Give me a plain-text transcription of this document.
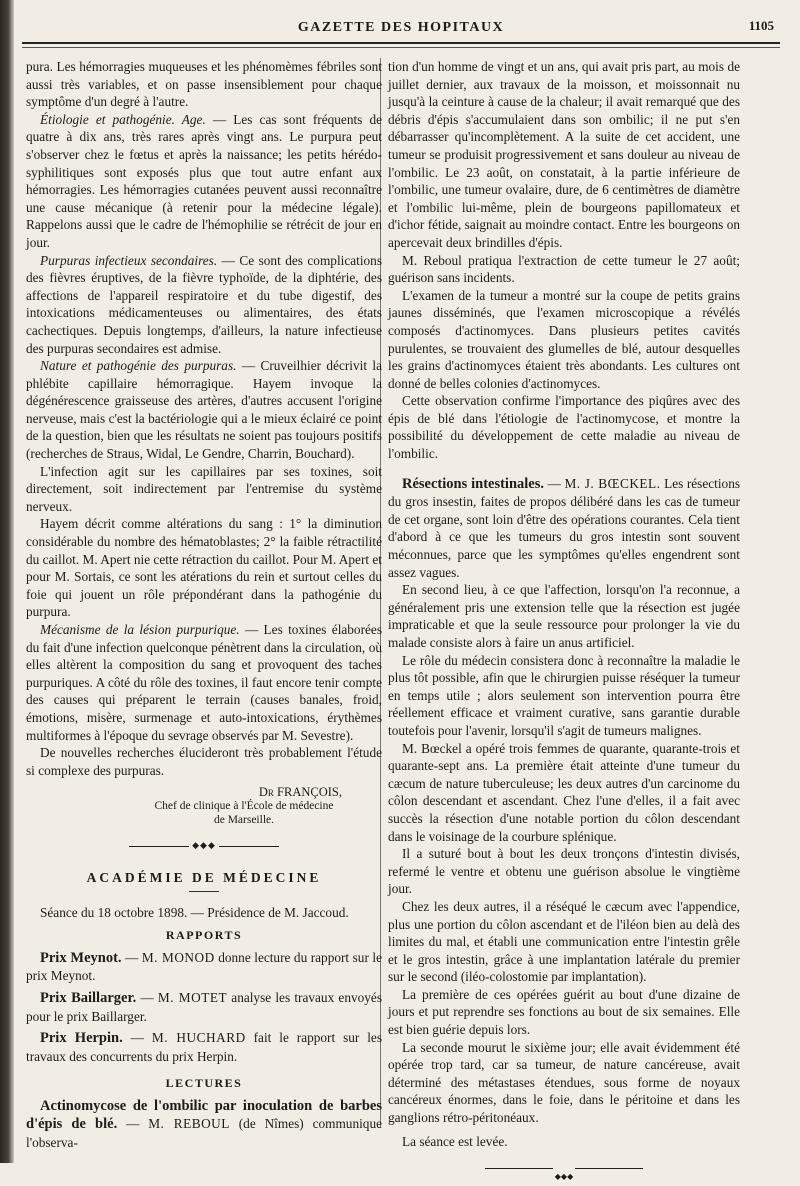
GAZETTE DES HOPITAUX	1105

pura. Les hémorragies muqueuses et les phénomèmes fébriles sont aussi très variables, et on passe insensiblement pour chaque symptôme d'un degré à l'autre.

Étiologie et pathogénie. Age. — Les cas sont fréquents de quatre à dix ans, très rares après vingt ans. Le purpura peut s'observer chez le fœtus et après la naissance; les petits hérédo-syphilitiques sont exposés plus que tout autre enfant aux hémorragies. Les hémorragies cutanées peuvent aussi reconnaître une cause mécanique (à retenir pour la médecine légale). Rappelons aussi que le cadre de l'hémophilie se rétrécit de jour en jour.

Purpuras infectieux secondaires. — Ce sont des complications des fièvres éruptives, de la fièvre typhoïde, de la diphtérie, des affections de l'appareil respiratoire et du tube digestif, des intoxications médicamenteuses ou alimentaires, des états cachectiques. Depuis longtemps, d'ailleurs, la nature infectieuse des purpuras secondaires est admise.

Nature et pathogénie des purpuras. — Cruveilhier décrivit la phlébite capillaire hémorragique. Hayem invoque la dégénérescence graisseuse des artères, d'autres accusent l'origine nerveuse, mais c'est la bactériologie qui a le mieux éclairé ce point de la question, bien que les résultats ne soient pas toujours positifs (recherches de Straus, Widal, Le Gendre, Charrin, Bouchard).

L'infection agit sur les capillaires par ses toxines, soit directement, soit indirectement par l'entremise du système nerveux.

Hayem décrit comme altérations du sang : 1° la diminution considérable du nombre des hématoblastes; 2° la faible rétractilité du caillot. M. Apert nie cette rétraction du caillot. Pour M. Apert et pour M. Sortais, ce sont les atérations du rein et surtout celles du foie qui jouent un rôle prépondérant dans la pathogénie du purpura.

Mécanisme de la lésion purpurique. — Les toxines élaborées du fait d'une infection quelconque pénètrent dans la circulation, où elles altèrent la composition du sang et provoquent des taches purpuriques. A côté du rôle des toxines, il faut encore tenir compte des causes qui préparent le terrain (causes banales, froid, émotions, misère, surmenage et auto-intoxications, érythèmes multiformes à l'époque du sevrage observés par M. Sevestre).

De nouvelles recherches élucideront très probablement l'étude si complexe des purpuras.

Dr FRANÇOIS,
Chef de clinique à l'École de médecine
de Marseille.
◆◆◆
ACADÉMIE DE MÉDECINE

Séance du 18 octobre 1898. — Présidence de M. Jaccoud.

RAPPORTS

Prix Meynot. — M. MONOD donne lecture du rapport sur le prix Meynot.

Prix Baillarger. — M. MOTET analyse les travaux envoyés pour le prix Baillarger.

Prix Herpin. — M. HUCHARD fait le rapport sur les travaux des concurrents du prix Herpin.

LECTURES

Actinomycose de l'ombilic par inoculation de barbes d'épis de blé. — M. REBOUL (de Nîmes) communique l'observa-

tion d'un homme de vingt et un ans, qui avait pris part, au mois de juillet dernier, aux travaux de la moisson, et moissonnait nu jusqu'à la ceinture à cause de la chaleur; il avait remarqué que des débris d'épis s'accumulaient dans son ombilic; il ne put s'en débarrasser qu'incomplètement. A la suite de cet accident, une tumeur se produisit progressivement et sans douleur au niveau de l'ombilic. Le 23 août, on constatait, à la partie inférieure de l'ombilic, une tumeur ovalaire, dure, de 6 centimètres de diamètre et l'ombilic lui-même, plein de bourgeons papillomateux et d'ichor fétide, saignait au moindre contact. Entre les bourgeons on apercevait deux brindilles d'épis.

M. Reboul pratiqua l'extraction de cette tumeur le 27 août; guérison sans incidents.

L'examen de la tumeur a montré sur la coupe de petits grains jaunes disséminés, que l'examen microscopique a révélés composés d'actinomyces. Dans plusieurs petites cavités purulentes, se trouvaient des glumelles de blé, autour desquelles les grains d'actinomyces étaient très abondants. Les cultures ont donné de belles colonies d'actinomyces.

Cette observation confirme l'importance des piqûres avec des épis de blé dans l'étiologie de l'actinomycose, et montre la possibilité du développement de cette maladie au niveau de l'ombilic.

Résections intestinales. — M. J. BŒCKEL. Les résections du gros insestin, faites de propos délibéré dans les cas de tumeur de cet organe, sont loin d'être des opérations courantes. Cela tient d'abord à ce que les tumeurs du gros intestin sont souvent méconnues, parce que les symptômes qu'elles engendrent sont assez vagues.

En second lieu, à ce que l'affection, lorsqu'on l'a reconnue, a généralement pris une extension telle que la résection est jugée impraticable et que la seule ressource pour prolonger la vie du malade consiste alors à faire un anus artificiel.

Le rôle du médecin consistera donc à reconnaître la maladie le plus tôt possible, afin que le chirurgien puisse réséquer la tumeur en temps utile ; alors seulement son intervention pourra être réellement efficace et vraiment curative, sans garantie durable toutefois pour l'avenir, lorsqu'il s'agit de tumeurs malignes.

M. Bœckel a opéré trois femmes de quarante, quarante-trois et quarante-sept ans. La première était atteinte d'une tumeur du cæcum de nature tuberculeuse; les deux autres d'un carcinome du côlon descendant et ascendant. Chez l'une d'elles, il a fait avec succès la résection d'une notable portion du côlon descendant dans le voisinage de la courbure splénique.

Il a suturé bout à bout les deux tronçons d'intestin divisés, refermé le ventre et obtenu une guérison absolue le vingtième jour.

Chez les deux autres, il a réséqué le cæcum avec l'appendice, plus une portion du côlon ascendant et de l'iléon bien au delà des limites du mal, et établi une communication entre l'intestin grêle et le gros intestin, grâce à une implantation latérale du premier sur le second (iléo-colostomie par implantation).

La première de ces opérées guérit au bout d'une dizaine de jours et put reprendre ses fonctions au bout de six semaines. Elle est bien guérie depuis lors.

La seconde mourut le sixième jour; elle avait évidemment été opérée trop tard, car sa tumeur, de nature cancéreuse, avait déterminé des métastases étendues, sous forme de noyaux cancéreux énormes, dans le foie, dans le péritoine et dans les ganglions rétro-péritonéaux.

La séance est levée.

◆◆◆
